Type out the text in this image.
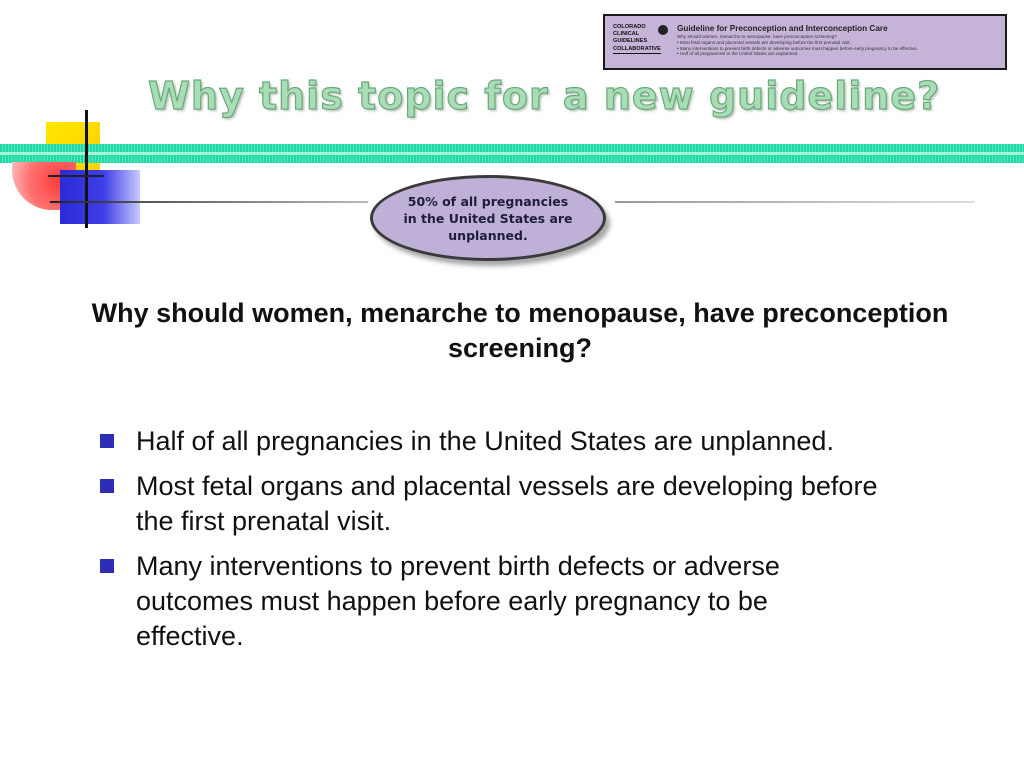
COLORADO
CLINICAL GUIDELINES
COLLABORATIVE
Guideline for Preconception and Interconception Care
Why should women, menarche to menopause, have preconception screening?
• Most fetal organs and placental vessels are developing before the first prenatal visit.
• Many interventions to prevent birth defects or adverse outcomes must happen before early pregnancy to be effective.
• Half of all pregnancies in the United States are unplanned.
Why this topic for a new guideline?
50% of all pregnancies in the United States are unplanned.
Why should women, menarche to menopause, have preconception screening?
Half of all pregnancies in the United States are unplanned.
Most fetal organs and placental vessels are developing before the first prenatal visit.
Many interventions to prevent birth defects or adverse outcomes must happen before early pregnancy to be effective.
